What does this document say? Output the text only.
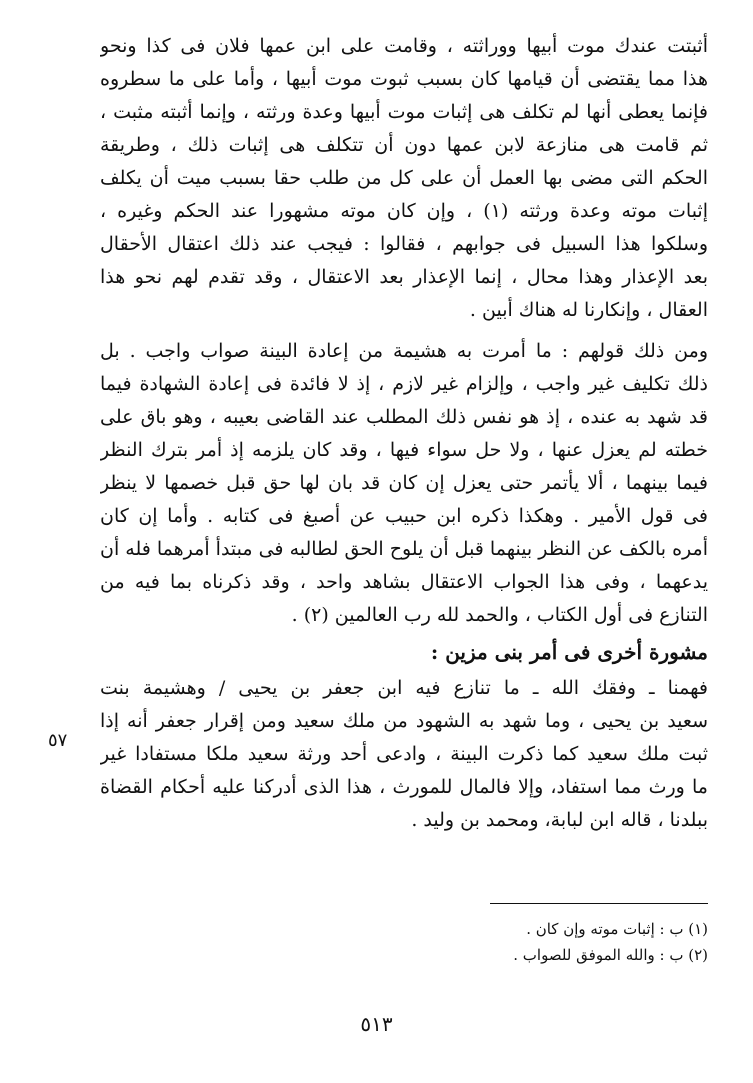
أثبتت عندك موت أبيها ووراثته ، وقامت على ابن عمها فلان فى كذا ونحو
هذا مما يقتضى أن قيامها كان بسبب ثبوت موت أبيها ، وأما على ما سطروه
فإنما يعطى أنها لم تكلف هى إثبات موت أبيها وعدة ورثته ، وإنما أثبته مثبت ،
ثم قامت هى منازعة لابن عمها دون أن تتكلف هى إثبات ذلك ، وطريقة
الحكم التى مضى بها العمل أن على كل من طلب حقا بسبب ميت أن يكلف
إثبات موته وعدة ورثته (١) ، وإن كان موته مشهورا عند الحكم وغيره ،
وسلكوا هذا السبيل فى جوابهم ، فقالوا : فيجب عند ذلك اعتقال الأحقال
بعد الإعذار وهذا محال ، إنما الإعذار بعد الاعتقال ، وقد تقدم لهم نحو هذا
العقال ، وإنكارنا له هناك أبين .
ومن ذلك قولهم : ما أمرت به هشيمة من إعادة البينة صواب واجب . بل
ذلك تكليف غير واجب ، وإلزام غير لازم ، إذ لا فائدة فى إعادة الشهادة فيما
قد شهد به عنده ، إذ هو نفس ذلك المطلب عند القاضى بعيبه ، وهو باق على
خطته لم يعزل عنها ، ولا حل سواء فيها ، وقد كان يلزمه إذ أمر بترك النظر
فيما بينهما ، ألا يأتمر حتى يعزل إن كان قد بان لها حق قبل خصمها لا ينظر
فى قول الأمير . وهكذا ذكره ابن حبيب عن أصبغ فى كتابه . وأما إن كان
أمره بالكف عن النظر بينهما قبل أن يلوح الحق لطالبه فى مبتدأ أمرهما فله أن
يدعهما ، وفى هذا الجواب الاعتقال بشاهد واحد ، وقد ذكرناه بما فيه من
التنازع فى أول الكتاب ، والحمد لله رب العالمين (٢) .
مشورة أخرى فى أمر بنى مزين :
فهمنا ـ وفقك الله ـ ما تنازع فيه ابن جعفر بن يحيى / وهشيمة بنت
سعيد بن يحيى ، وما شهد به الشهود من ملك سعيد ومن إقرار جعفر أنه إذا
ثبت ملك سعيد كما ذكرت البينة ، وادعى أحد ورثة سعيد ملكا مستفادا غير
ما ورث مما استفاد، وإلا فالمال للمورث ، هذا الذى أدركنا عليه أحكام القضاة
ببلدنا ، قاله ابن لبابة، ومحمد بن وليد .
٥٧
(١) ب : إثبات موته وإن كان .
(٢) ب : والله الموفق للصواب .
٥١٣
